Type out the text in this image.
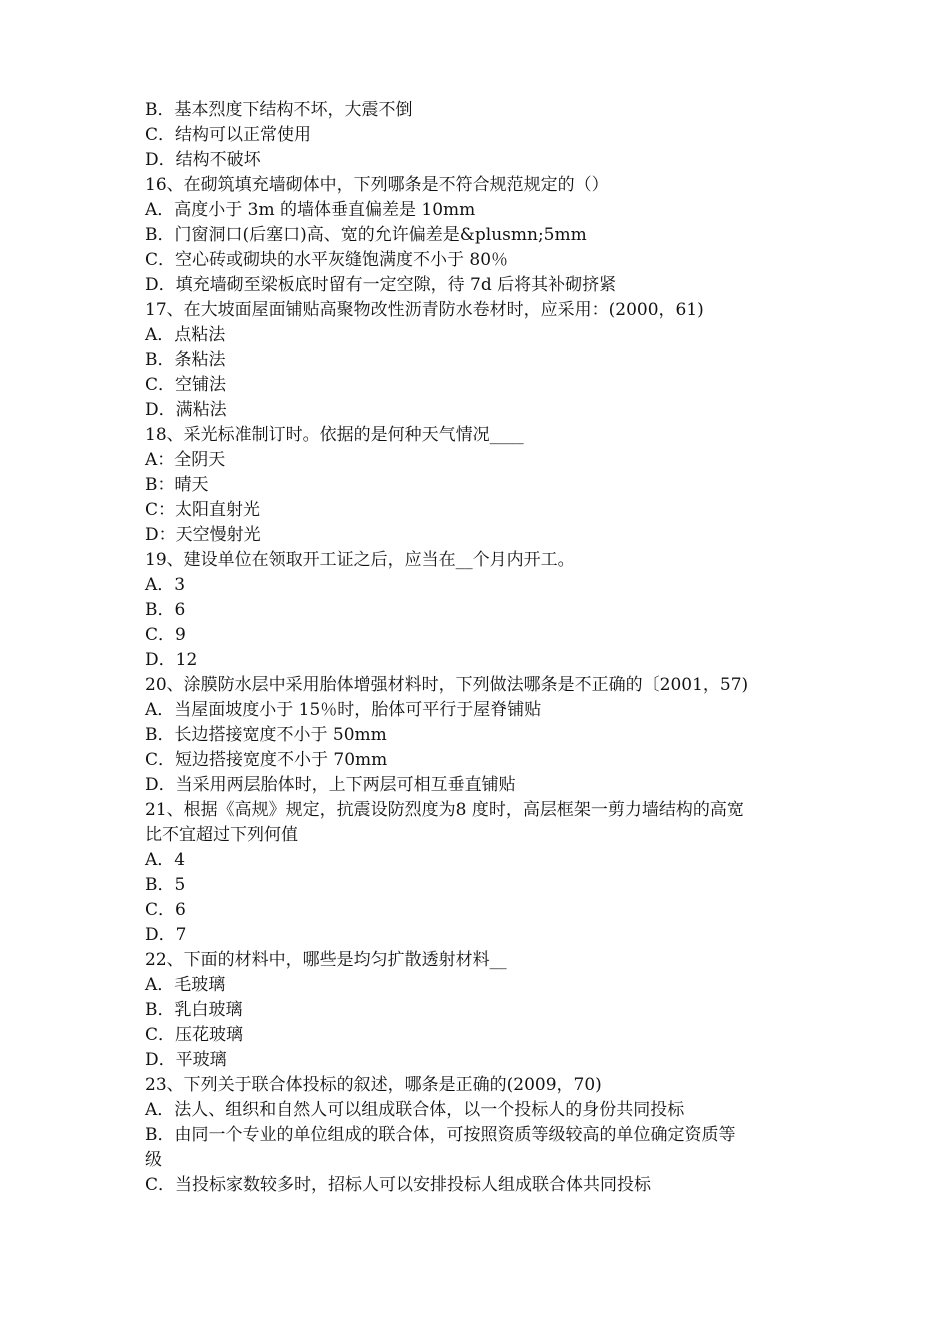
B．基本烈度下结构不坏，大震不倒

C．结构可以正常使用

D．结构不破坏

16、在砌筑填充墙砌体中，下列哪条是不符合规范规定的（）

A．高度小于 3m 的墙体垂直偏差是 10mm

B．门窗洞口(后塞口)高、宽的允许偏差是&plusmn;5mm

C．空心砖或砌块的水平灰缝饱满度不小于 80％

D．填充墙砌至梁板底时留有一定空隙，待 7d 后将其补砌挤紧

17、在大坡面屋面铺贴高聚物改性沥青防水卷材时，应采用：(2000，61)

A．点粘法

B．条粘法

C．空铺法

D．满粘法

18、采光标准制订时。依据的是何种天气情况____

A：全阴天

B：晴天

C：太阳直射光

D：天空慢射光

19、建设单位在领取开工证之后，应当在__个月内开工。

A．3

B．6

C．9

D．12

20、涂膜防水层中采用胎体增强材料时，下列做法哪条是不正确的〔2001，57)

A．当屋面坡度小于 15％时，胎体可平行于屋脊铺贴

B．长边搭接宽度不小于 50mm

C．短边搭接宽度不小于 70mm

D．当采用两层胎体时，上下两层可相互垂直铺贴

21、根据《高规》规定，抗震设防烈度为8 度时，高层框架一剪力墙结构的高宽

比不宜超过下列何值

A．4

B．5

C．6

D．7

22、下面的材料中，哪些是均匀扩散透射材料__

A．毛玻璃

B．乳白玻璃

C．压花玻璃

D．平玻璃

23、下列关于联合体投标的叙述，哪条是正确的(2009，70)

A．法人、组织和自然人可以组成联合体，以一个投标人的身份共同投标

B．由同一个专业的单位组成的联合体，可按照资质等级较高的单位确定资质等

级

C．当投标家数较多时，招标人可以安排投标人组成联合体共同投标
